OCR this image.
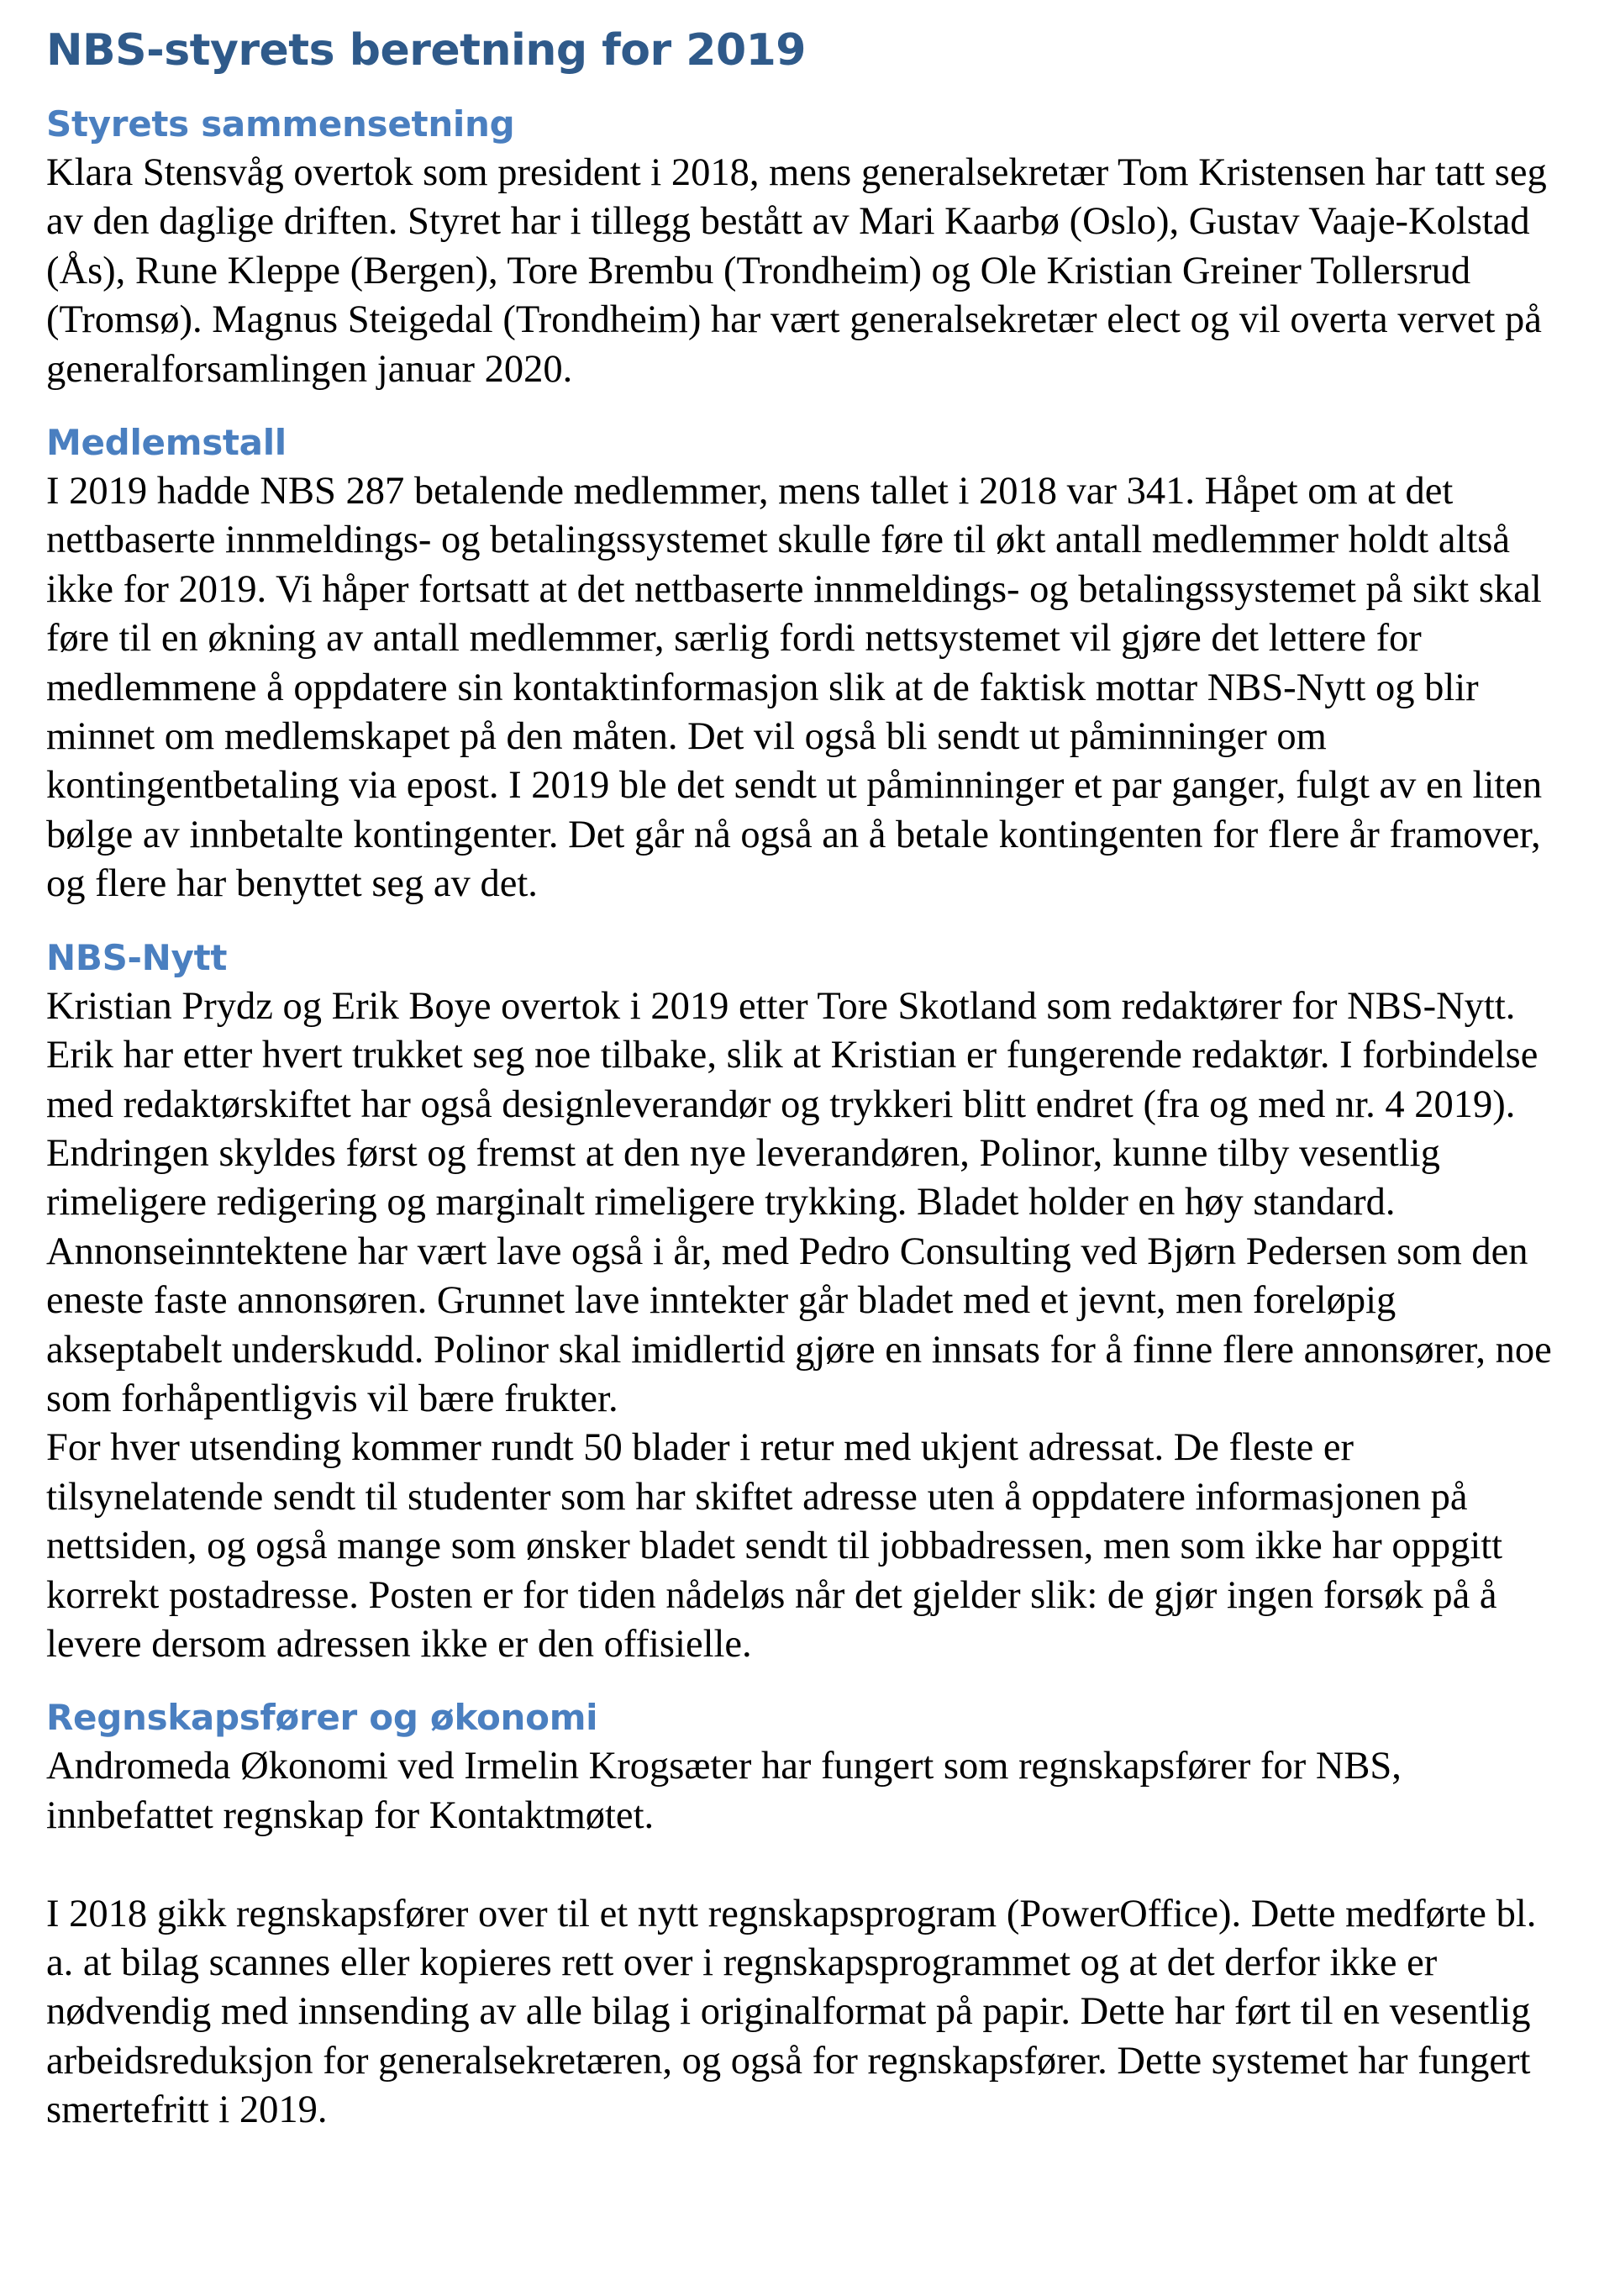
NBS-styrets beretning for 2019
Styrets sammensetning

Klara Stensvåg overtok som president i 2018, mens generalsekretær Tom Kristensen har tatt seg av den daglige driften. Styret har i tillegg bestått av Mari Kaarbø (Oslo), Gustav Vaaje-Kolstad (Ås), Rune Kleppe (Bergen), Tore Brembu (Trondheim) og Ole Kristian Greiner Tollersrud (Tromsø). Magnus Steigedal (Trondheim) har vært generalsekretær elect og vil overta vervet på generalforsamlingen januar 2020.

Medlemstall

I 2019 hadde NBS 287 betalende medlemmer, mens tallet i 2018 var 341. Håpet om at det nettbaserte innmeldings- og betalingssystemet skulle føre til økt antall medlemmer holdt altså ikke for 2019. Vi håper fortsatt at det nettbaserte innmeldings- og betalingssystemet på sikt skal føre til en økning av antall medlemmer, særlig fordi nettsystemet vil gjøre det lettere for medlemmene å oppdatere sin kontaktinformasjon slik at de faktisk mottar NBS-Nytt og blir minnet om medlemskapet på den måten. Det vil også bli sendt ut påminninger om kontingentbetaling via epost. I 2019 ble det sendt ut påminninger et par ganger, fulgt av en liten bølge av innbetalte kontingenter. Det går nå også an å betale kontingenten for flere år framover, og flere har benyttet seg av det.

NBS-Nytt

Kristian Prydz og Erik Boye overtok i 2019 etter Tore Skotland som redaktører for NBS-Nytt. Erik har etter hvert trukket seg noe tilbake, slik at Kristian er fungerende redaktør. I forbindelse med redaktørskiftet har også designleverandør og trykkeri blitt endret (fra og med nr. 4 2019). Endringen skyldes først og fremst at den nye leverandøren, Polinor, kunne tilby vesentlig rimeligere redigering og marginalt rimeligere trykking. Bladet holder en høy standard. Annonseinntektene har vært lave også i år, med Pedro Consulting ved Bjørn Pedersen som den eneste faste annonsøren. Grunnet lave inntekter går bladet med et jevnt, men foreløpig akseptabelt underskudd. Polinor skal imidlertid gjøre en innsats for å finne flere annonsører, noe som forhåpentligvis vil bære frukter.

For hver utsending kommer rundt 50 blader i retur med ukjent adressat. De fleste er tilsynelatende sendt til studenter som har skiftet adresse uten å oppdatere informasjonen på nettsiden, og også mange som ønsker bladet sendt til jobbadressen, men som ikke har oppgitt korrekt postadresse. Posten er for tiden nådeløs når det gjelder slik: de gjør ingen forsøk på å levere dersom adressen ikke er den offisielle.

Regnskapsfører og økonomi

Andromeda Økonomi ved Irmelin Krogsæter har fungert som regnskapsfører for NBS, innbefattet regnskap for Kontaktmøtet.

I 2018 gikk regnskapsfører over til et nytt regnskapsprogram (PowerOffice). Dette medførte bl. a. at bilag scannes eller kopieres rett over i regnskapsprogrammet og at det derfor ikke er nødvendig med innsending av alle bilag i originalformat på papir. Dette har ført til en vesentlig arbeidsreduksjon for generalsekretæren, og også for regnskapsfører. Dette systemet har fungert smertefritt i 2019.
